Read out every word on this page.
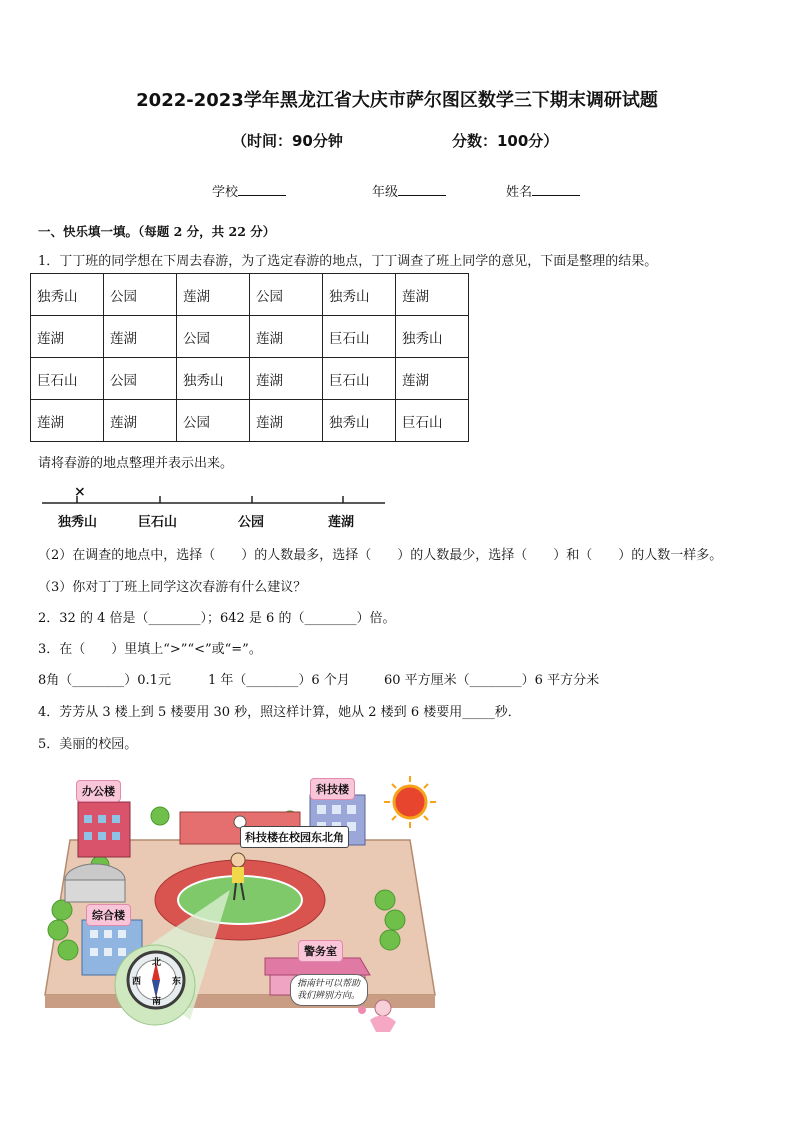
2022-2023学年黑龙江省大庆市萨尔图区数学三下期末调研试题
（时间：90分钟	分数：100分）
学校	年级	姓名
一、快乐填一填。（每题 2 分，共 22 分）
1．丁丁班的同学想在下周去春游，为了选定春游的地点，丁丁调查了班上同学的意见，下面是整理的结果。
独秀山	公园	莲湖	公园	独秀山	莲湖
莲湖	莲湖	公园	莲湖	巨石山	独秀山
巨石山	公园	独秀山	莲湖	巨石山	莲湖
莲湖	莲湖	公园	莲湖	独秀山	巨石山
请将春游的地点整理并表示出来。
×
独秀山	巨石山	公园	莲湖
（2）在调查的地点中，选择（　　）的人数最多，选择（　　）的人数最少，选择（　　）和（　　）的人数一样多。
（3）你对丁丁班上同学这次春游有什么建议？
2．32 的 4 倍是（________）；642 是 6 的（________）倍。
3．在（　　）里填上“>”“<”或“=”。
8角（________）0.1元	1 年（________）6 个月	60 平方厘米（________）6 平方分米
4．芳芳从 3 楼上到 5 楼要用 30 秒，照这样计算，她从 2 楼到 6 楼要用_____秒．
5．美丽的校园。
北
东
南
西
办公楼	科技楼
科技楼在校园东北角
综合楼
警务室
指南针可以帮助我们辨别方向。
